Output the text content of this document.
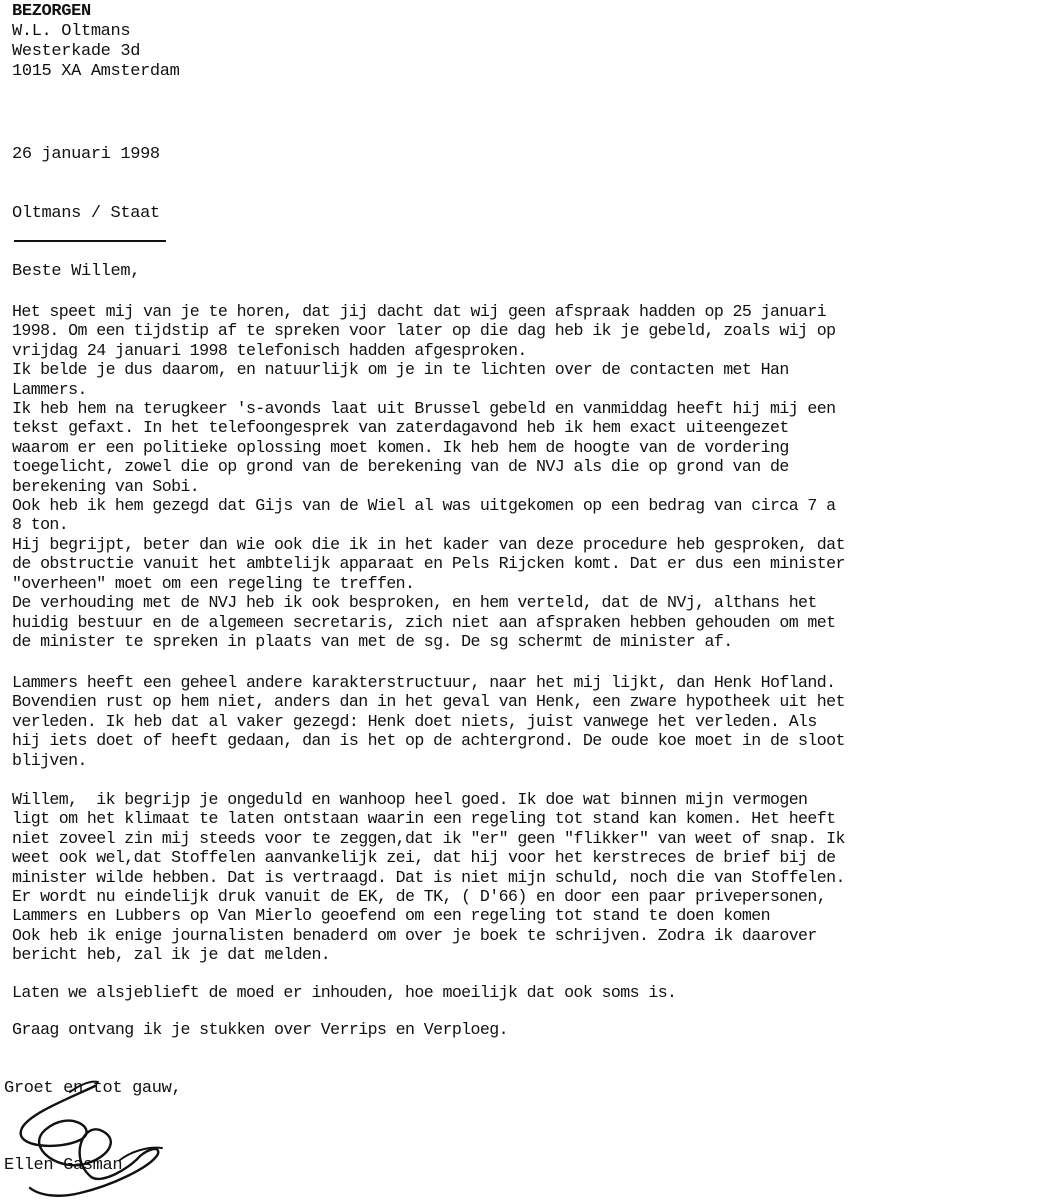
BEZORGEN
W.L. Oltmans
Westerkade 3d
1015 XA Amsterdam
26 januari 1998
Oltmans / Staat
Beste Willem,
Het speet mij van je te horen, dat jij dacht dat wij geen afspraak hadden op 25 januari
1998. Om een tijdstip af te spreken voor later op die dag heb ik je gebeld, zoals wij op
vrijdag 24 januari 1998 telefonisch hadden afgesproken.
Ik belde je dus daarom, en natuurlijk om je in te lichten over de contacten met Han
Lammers.
Ik heb hem na terugkeer 's-avonds laat uit Brussel gebeld en vanmiddag heeft hij mij een
tekst gefaxt. In het telefoongesprek van zaterdagavond heb ik hem exact uiteengezet
waarom er een politieke oplossing moet komen. Ik heb hem de hoogte van de vordering
toegelicht, zowel die op grond van de berekening van de NVJ als die op grond van de
berekening van Sobi.
Ook heb ik hem gezegd dat Gijs van de Wiel al was uitgekomen op een bedrag van circa 7 a
8 ton.
Hij begrijpt, beter dan wie ook die ik in het kader van deze procedure heb gesproken, dat
de obstructie vanuit het ambtelijk apparaat en Pels Rijcken komt. Dat er dus een minister
"overheen" moet om een regeling te treffen.
De verhouding met de NVJ heb ik ook besproken, en hem verteld, dat de NVj, althans het
huidig bestuur en de algemeen secretaris, zich niet aan afspraken hebben gehouden om met
de minister te spreken in plaats van met de sg. De sg schermt de minister af.
Lammers heeft een geheel andere karakterstructuur, naar het mij lijkt, dan Henk Hofland.
Bovendien rust op hem niet, anders dan in het geval van Henk, een zware hypotheek uit het
verleden. Ik heb dat al vaker gezegd: Henk doet niets, juist vanwege het verleden. Als
hij iets doet of heeft gedaan, dan is het op de achtergrond. De oude koe moet in de sloot
blijven.
Willem,  ik begrijp je ongeduld en wanhoop heel goed. Ik doe wat binnen mijn vermogen
ligt om het klimaat te laten ontstaan waarin een regeling tot stand kan komen. Het heeft
niet zoveel zin mij steeds voor te zeggen,dat ik "er" geen "flikker" van weet of snap. Ik
weet ook wel,dat Stoffelen aanvankelijk zei, dat hij voor het kerstreces de brief bij de
minister wilde hebben. Dat is vertraagd. Dat is niet mijn schuld, noch die van Stoffelen.
Er wordt nu eindelijk druk vanuit de EK, de TK, ( D'66) en door een paar privepersonen,
Lammers en Lubbers op Van Mierlo geoefend om een regeling tot stand te doen komen
Ook heb ik enige journalisten benaderd om over je boek te schrijven. Zodra ik daarover
bericht heb, zal ik je dat melden.
Laten we alsjeblieft de moed er inhouden, hoe moeilijk dat ook soms is.
Graag ontvang ik je stukken over Verrips en Verploeg.
Groet en tot gauw,
Ellen Gasman
